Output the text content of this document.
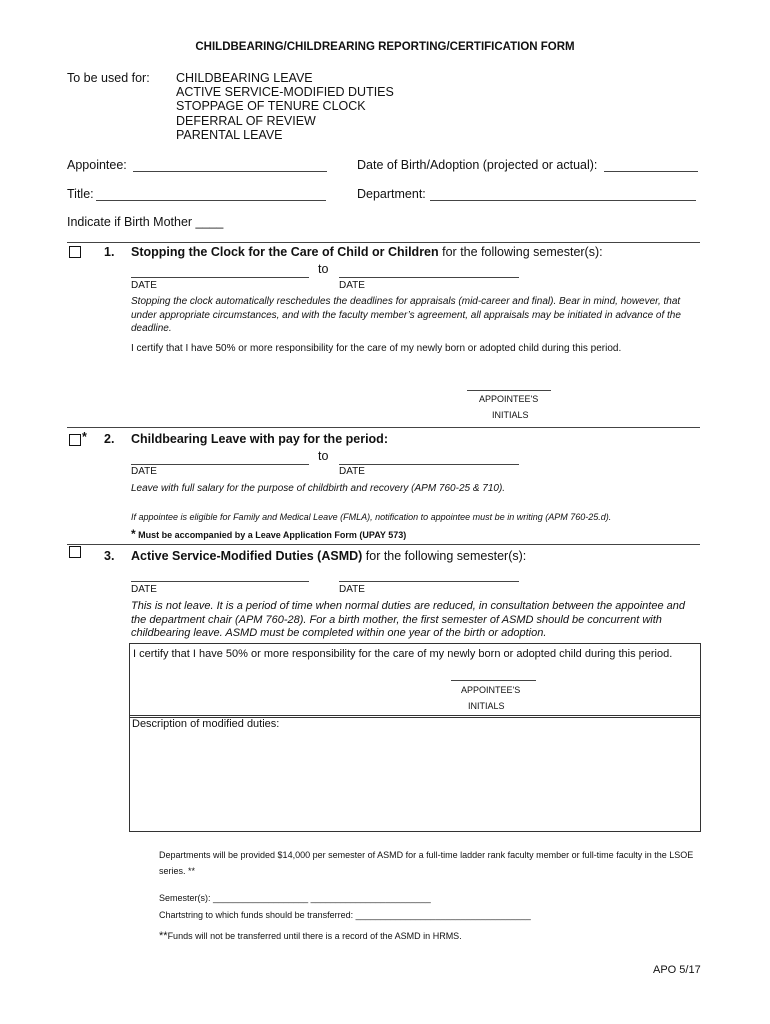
CHILDBEARING/CHILDREARING REPORTING/CERTIFICATION FORM
To be used for: CHILDBEARING LEAVE
ACTIVE SERVICE-MODIFIED DUTIES
STOPPAGE OF TENURE CLOCK
DEFERRAL OF REVIEW
PARENTAL LEAVE
Appointee:	Date of Birth/Adoption (projected or actual):
Title:	Department:
Indicate if Birth Mother ____
1. Stopping the Clock for the Care of Child or Children for the following semester(s):
to
DATE	DATE
Stopping the clock automatically reschedules the deadlines for appraisals (mid-career and final). Bear in mind, however, that under appropriate circumstances, and with the faculty member’s agreement, all appraisals may be initiated in advance of the deadline.
I certify that I have 50% or more responsibility for the care of my newly born or adopted child during this period.
APPOINTEE'S
INITIALS
* 2. Childbearing Leave with pay for the period:
to
DATE	DATE
Leave with full salary for the purpose of childbirth and recovery (APM 760-25 & 710).
If appointee is eligible for Family and Medical Leave (FMLA), notification to appointee must be in writing (APM 760-25.d).
* Must be accompanied by a Leave Application Form (UPAY 573)
3. Active Service-Modified Duties (ASMD) for the following semester(s):
DATE	DATE
This is not leave. It is a period of time when normal duties are reduced, in consultation between the appointee and the department chair (APM 760-28). For a birth mother, the first semester of ASMD should be concurrent with childbearing leave. ASMD must be completed within one year of the birth or adoption.
I certify that I have 50% or more responsibility for the care of my newly born or adopted child during this period.
APPOINTEE'S
INITIALS
Description of modified duties:
Departments will be provided $14,000 per semester of ASMD for a full-time ladder rank faculty member or full-time faculty in the LSOE series. **
Semester(s): ___________________ ________________________
Chartstring to which funds should be transferred: ___________________________________
**Funds will not be transferred until there is a record of the ASMD in HRMS.
APO 5/17
